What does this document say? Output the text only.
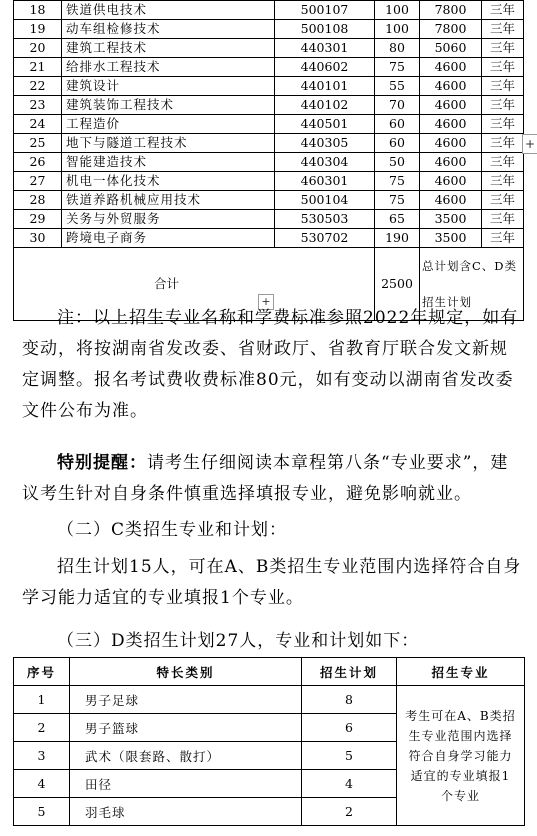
18	铁道供电技术	500107	100	7800	三年
19	动车组检修技术	500108	100	7800	三年
20	建筑工程技术	440301	80	5060	三年
21	给排水工程技术	440602	75	4600	三年
22	建筑设计	440101	55	4600	三年
23	建筑装饰工程技术	440102	70	4600	三年
24	工程造价	440501	60	4600	三年
25	地下与隧道工程技术	440305	60	4600	三年
26	智能建造技术	440304	50	4600	三年
27	机电一体化技术	460301	75	4600	三年
28	铁道养路机械应用技术	500104	75	4600	三年
29	关务与外贸服务	530503	65	3500	三年
30	跨境电子商务	530702	190	3500	三年
合计			2500	总计划含C、D类招生计划	
+
+

注：以上招生专业名称和学费标准参照2022年规定，如有变动，将按湖南省发改委、省财政厅、省教育厅联合发文新规定调整。报名考试费收费标准80元，如有变动以湖南省发改委文件公布为准。

特别提醒：请考生仔细阅读本章程第八条“专业要求”，建议考生针对自身条件慎重选择填报专业，避免影响就业。

（二）C类招生专业和计划：

招生计划15人，可在A、B类招生专业范围内选择符合自身学习能力适宜的专业填报1个专业。

（三）D类招生计划27人，专业和计划如下：

序号	特长类别	招生计划	招生专业
1	男子足球	8	考生可在A、B类招生专业范围内选择符合自身学习能力适宜的专业填报1个专业
2	男子篮球	6	
3	武术（限套路、散打）	5	
4	田径	4	
5	羽毛球	2	
